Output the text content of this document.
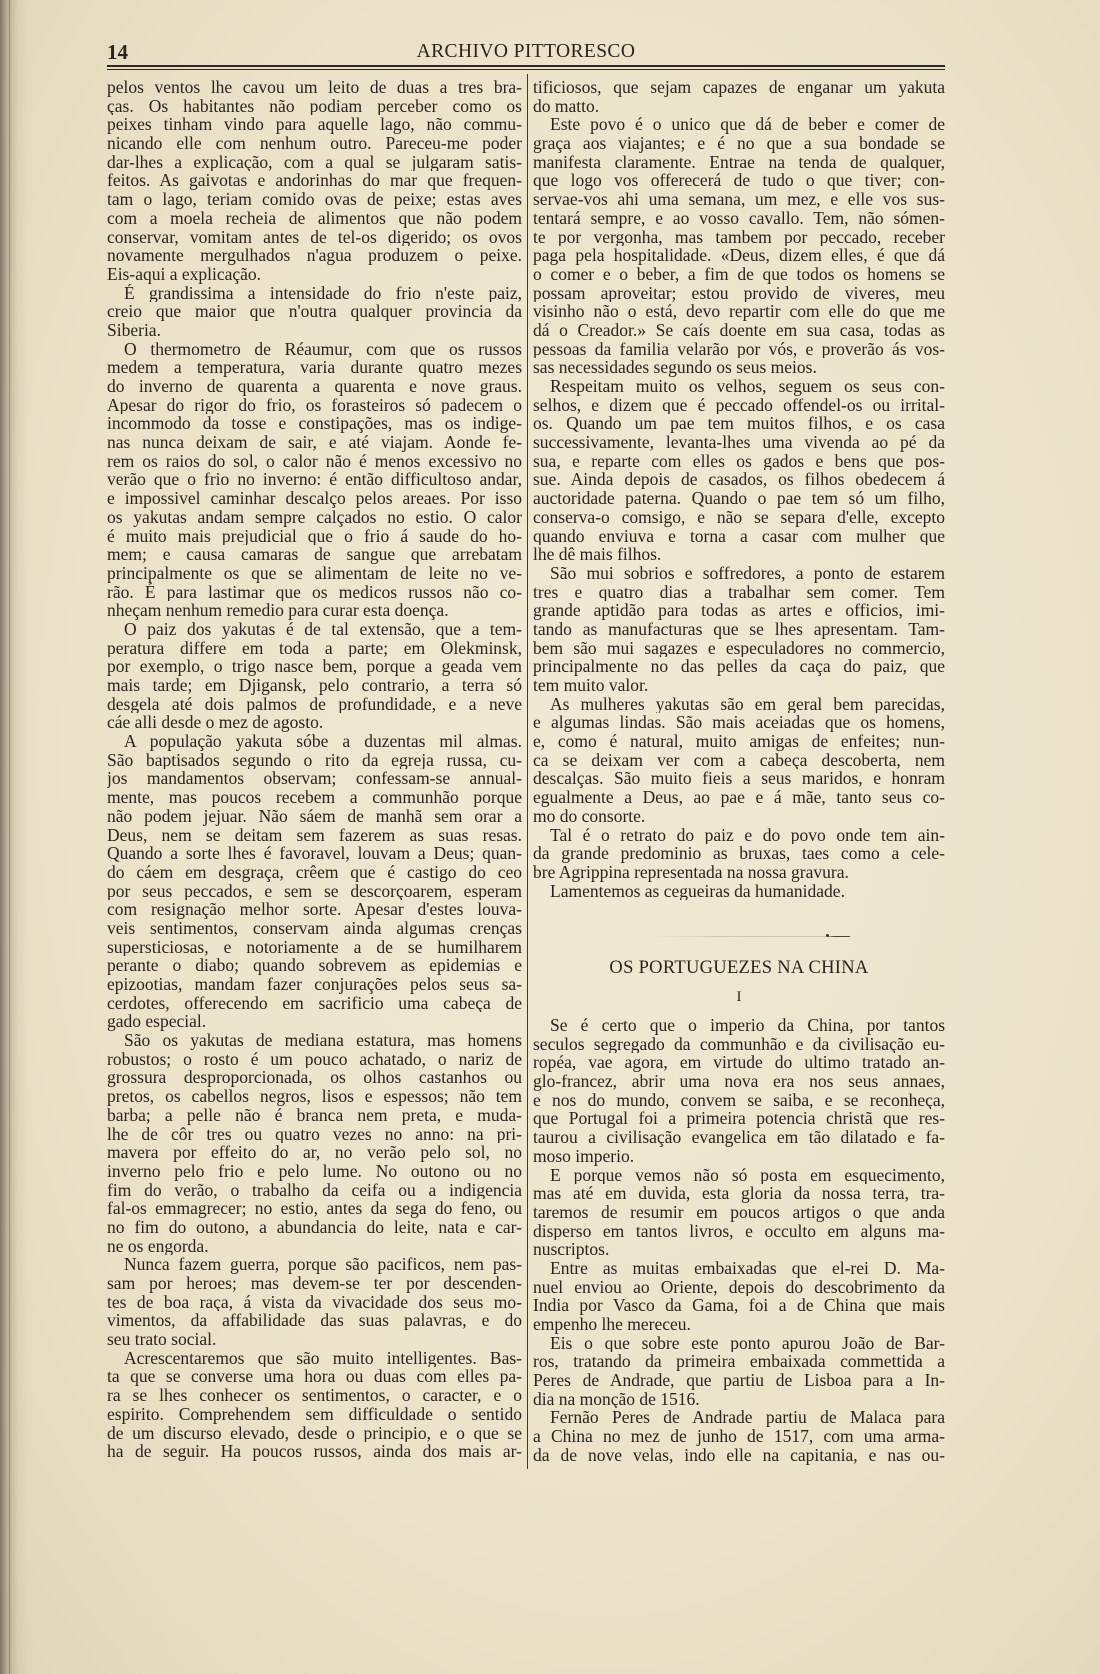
14	ARCHIVO PITTORESCO
pelos ventos lhe cavou um leito de duas a tres bra-
ças. Os habitantes não podiam perceber como os
peixes tinham vindo para aquelle lago, não commu-
nicando elle com nenhum outro. Pareceu-me poder
dar-lhes a explicação, com a qual se julgaram satis-
feitos. As gaivotas e andorinhas do mar que frequen-
tam o lago, teriam comido ovas de peixe; estas aves
com a moela recheia de alimentos que não podem
conservar, vomitam antes de tel-os digerido; os ovos
novamente mergulhados n'agua produzem o peixe.
Eis-aqui a explicação.
É grandissima a intensidade do frio n'este paiz,
creio que maior que n'outra qualquer provincia da
Siberia.
O thermometro de Réaumur, com que os russos
medem a temperatura, varia durante quatro mezes
do inverno de quarenta a quarenta e nove graus.
Apesar do rigor do frio, os forasteiros só padecem o
incommodo da tosse e constipações, mas os indige-
nas nunca deixam de sair, e até viajam. Aonde fe-
rem os raios do sol, o calor não é menos excessivo no
verão que o frio no inverno: é então difficultoso andar,
e impossivel caminhar descalço pelos areaes. Por isso
os yakutas andam sempre calçados no estio. O calor
é muito mais prejudicial que o frio á saude do ho-
mem; e causa camaras de sangue que arrebatam
principalmente os que se alimentam de leite no ve-
rão. É para lastimar que os medicos russos não co-
nheçam nenhum remedio para curar esta doença.
O paiz dos yakutas é de tal extensão, que a tem-
peratura differe em toda a parte; em Olekminsk,
por exemplo, o trigo nasce bem, porque a geada vem
mais tarde; em Djigansk, pelo contrario, a terra só
desgela até dois palmos de profundidade, e a neve
cáe alli desde o mez de agosto.
A população yakuta sóbe a duzentas mil almas.
São baptisados segundo o rito da egreja russa, cu-
jos mandamentos observam; confessam-se annual-
mente, mas poucos recebem a communhão porque
não podem jejuar. Não sáem de manhã sem orar a
Deus, nem se deitam sem fazerem as suas resas.
Quando a sorte lhes é favoravel, louvam a Deus; quan-
do cáem em desgraça, crêem que é castigo do ceo
por seus peccados, e sem se descorçoarem, esperam
com resignação melhor sorte. Apesar d'estes louva-
veis sentimentos, conservam ainda algumas crenças
supersticiosas, e notoriamente a de se humilharem
perante o diabo; quando sobrevem as epidemias e
epizootias, mandam fazer conjurações pelos seus sa-
cerdotes, offerecendo em sacrificio uma cabeça de
gado especial.
São os yakutas de mediana estatura, mas homens
robustos; o rosto é um pouco achatado, o nariz de
grossura desproporcionada, os olhos castanhos ou
pretos, os cabellos negros, lisos e espessos; não tem
barba; a pelle não é branca nem preta, e muda-
lhe de côr tres ou quatro vezes no anno: na pri-
mavera por effeito do ar, no verão pelo sol, no
inverno pelo frio e pelo lume. No outono ou no
fim do verão, o trabalho da ceifa ou a indigencia
fal-os emmagrecer; no estio, antes da sega do feno, ou
no fim do outono, a abundancia do leite, nata e car-
ne os engorda.
Nunca fazem guerra, porque são pacificos, nem pas-
sam por heroes; mas devem-se ter por descenden-
tes de boa raça, á vista da vivacidade dos seus mo-
vimentos, da affabilidade das suas palavras, e do
seu trato social.
Acrescentaremos que são muito intelligentes. Bas-
ta que se converse uma hora ou duas com elles pa-
ra se lhes conhecer os sentimentos, o caracter, e o
espirito. Comprehendem sem difficuldade o sentido
de um discurso elevado, desde o principio, e o que se
ha de seguir. Ha poucos russos, ainda dos mais ar-
tificiosos, que sejam capazes de enganar um yakuta
do matto.
Este povo é o unico que dá de beber e comer de
graça aos viajantes; e é no que a sua bondade se
manifesta claramente. Entrae na tenda de qualquer,
que logo vos offerecerá de tudo o que tiver; con-
servae-vos ahi uma semana, um mez, e elle vos sus-
tentará sempre, e ao vosso cavallo. Tem, não sómen-
te por vergonha, mas tambem por peccado, receber
paga pela hospitalidade. «Deus, dizem elles, é que dá
o comer e o beber, a fim de que todos os homens se
possam aproveitar; estou provido de viveres, meu
visinho não o está, devo repartir com elle do que me
dá o Creador.» Se caís doente em sua casa, todas as
pessoas da familia velarão por vós, e proverão ás vos-
sas necessidades segundo os seus meios.
Respeitam muito os velhos, seguem os seus con-
selhos, e dizem que é peccado offendel-os ou irrital-
os. Quando um pae tem muitos filhos, e os casa
successivamente, levanta-lhes uma vivenda ao pé da
sua, e reparte com elles os gados e bens que pos-
sue. Ainda depois de casados, os filhos obedecem á
auctoridade paterna. Quando o pae tem só um filho,
conserva-o comsigo, e não se separa d'elle, excepto
quando enviuva e torna a casar com mulher que
lhe dê mais filhos.
São mui sobrios e soffredores, a ponto de estarem
tres e quatro dias a trabalhar sem comer. Tem
grande aptidão para todas as artes e officios, imi-
tando as manufacturas que se lhes apresentam. Tam-
bem são mui sagazes e especuladores no commercio,
principalmente no das pelles da caça do paiz, que
tem muito valor.
As mulheres yakutas são em geral bem parecidas,
e algumas lindas. São mais aceiadas que os homens,
e, como é natural, muito amigas de enfeites; nun-
ca se deixam ver com a cabeça descoberta, nem
descalças. São muito fieis a seus maridos, e honram
egualmente a Deus, ao pae e á mãe, tanto seus co-
mo do consorte.
Tal é o retrato do paiz e do povo onde tem ain-
da grande predominio as bruxas, taes como a cele-
bre Agrippina representada na nossa gravura.
Lamentemos as cegueiras da humanidade.
OS PORTUGUEZES NA CHINA
I
Se é certo que o imperio da China, por tantos
seculos segregado da communhão e da civilisação eu-
ropéa, vae agora, em virtude do ultimo tratado an-
glo-francez, abrir uma nova era nos seus annaes,
e nos do mundo, convem se saiba, e se reconheça,
que Portugal foi a primeira potencia christã que res-
taurou a civilisação evangelica em tão dilatado e fa-
moso imperio.
E porque vemos não só posta em esquecimento,
mas até em duvida, esta gloria da nossa terra, tra-
taremos de resumir em poucos artigos o que anda
disperso em tantos livros, e occulto em alguns ma-
nuscriptos.
Entre as muitas embaixadas que el-rei D. Ma-
nuel enviou ao Oriente, depois do descobrimento da
India por Vasco da Gama, foi a de China que mais
empenho lhe mereceu.
Eis o que sobre este ponto apurou João de Bar-
ros, tratando da primeira embaixada commettida a
Peres de Andrade, que partiu de Lisboa para a In-
dia na monção de 1516.
Fernão Peres de Andrade partiu de Malaca para
a China no mez de junho de 1517, com uma arma-
da de nove velas, indo elle na capitania, e nas ou-
